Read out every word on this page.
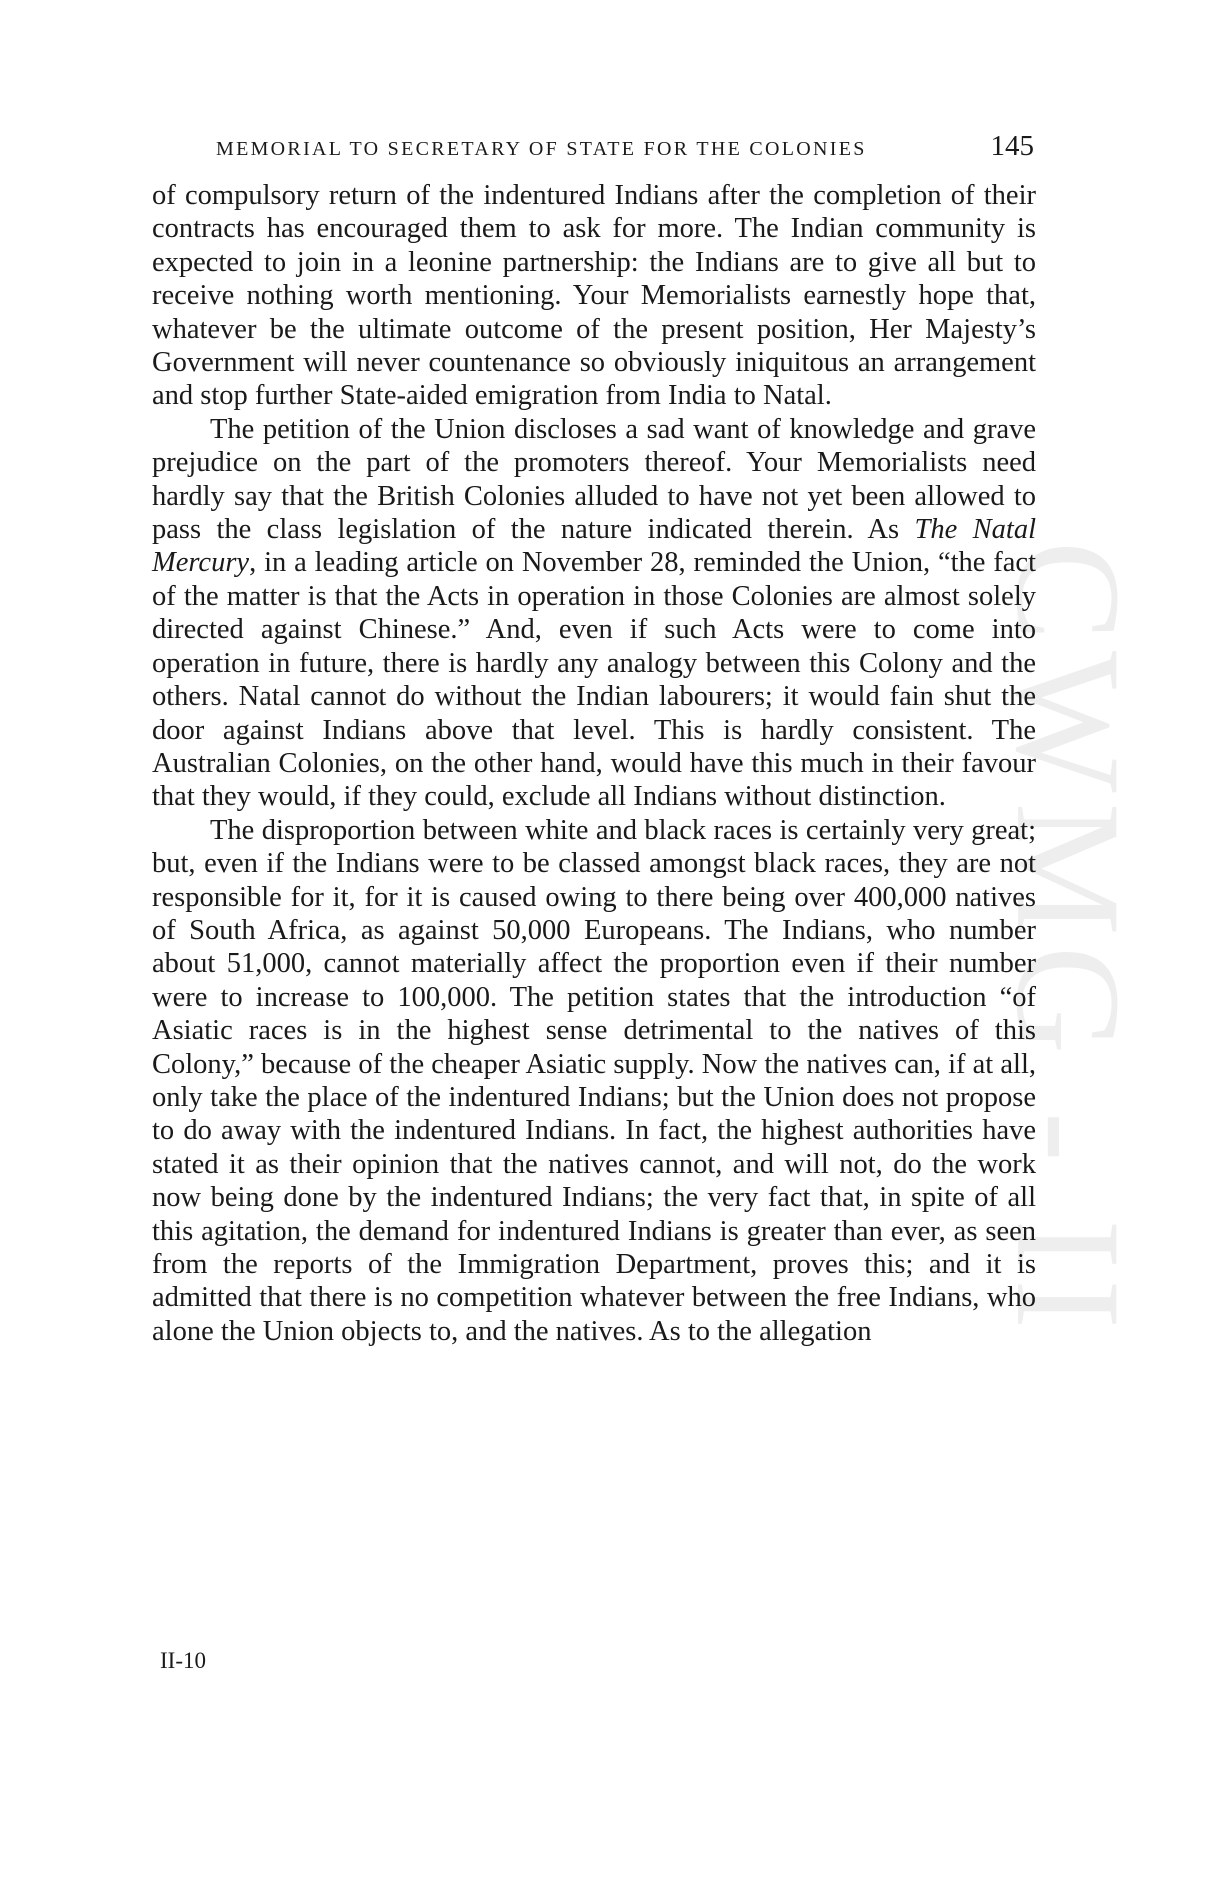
CWMG - II
MEMORIAL TO SECRETARY OF STATE FOR THE COLONIES	145

of compulsory return of the indentured Indians after the completion of their contracts has encouraged them to ask for more. The Indian community is expected to join in a leonine partnership: the Indians are to give all but to receive nothing worth mentioning. Your Memorialists earnestly hope that, whatever be the ultimate outcome of the present position, Her Majesty’s Government will never countenance so obviously iniquitous an arrangement and stop further State-aided emigration from India to Natal.

The petition of the Union discloses a sad want of knowledge and grave prejudice on the part of the promoters thereof. Your Memorialists need hardly say that the British Colonies alluded to have not yet been allowed to pass the class legislation of the nature indicated therein. As The Natal Mercury, in a leading article on November 28, reminded the Union, “the fact of the matter is that the Acts in operation in those Colonies are almost solely directed against Chinese.” And, even if such Acts were to come into operation in future, there is hardly any analogy between this Colony and the others. Natal cannot do without the Indian labourers; it would fain shut the door against Indians above that level. This is hardly consistent. The Australian Colonies, on the other hand, would have this much in their favour that they would, if they could, exclude all Indians without distinction.

The disproportion between white and black races is certainly very great; but, even if the Indians were to be classed amongst black races, they are not responsible for it, for it is caused owing to there being over 400,000 natives of South Africa, as against 50,000 Europeans. The Indians, who number about 51,000, cannot materially affect the proportion even if their number were to increase to 100,000. The petition states that the introduction “of Asiatic races is in the highest sense detrimental to the natives of this Colony,” because of the cheaper Asiatic supply. Now the natives can, if at all, only take the place of the indentured Indians; but the Union does not propose to do away with the indentured Indians. In fact, the highest authorities have stated it as their opinion that the natives cannot, and will not, do the work now being done by the indentured Indians; the very fact that, in spite of all this agitation, the demand for indentured Indians is greater than ever, as seen from the reports of the Immigration Department, proves this; and it is admitted that there is no competition whatever between the free Indians, who alone the Union objects to, and the natives. As to the allegation

II-10
